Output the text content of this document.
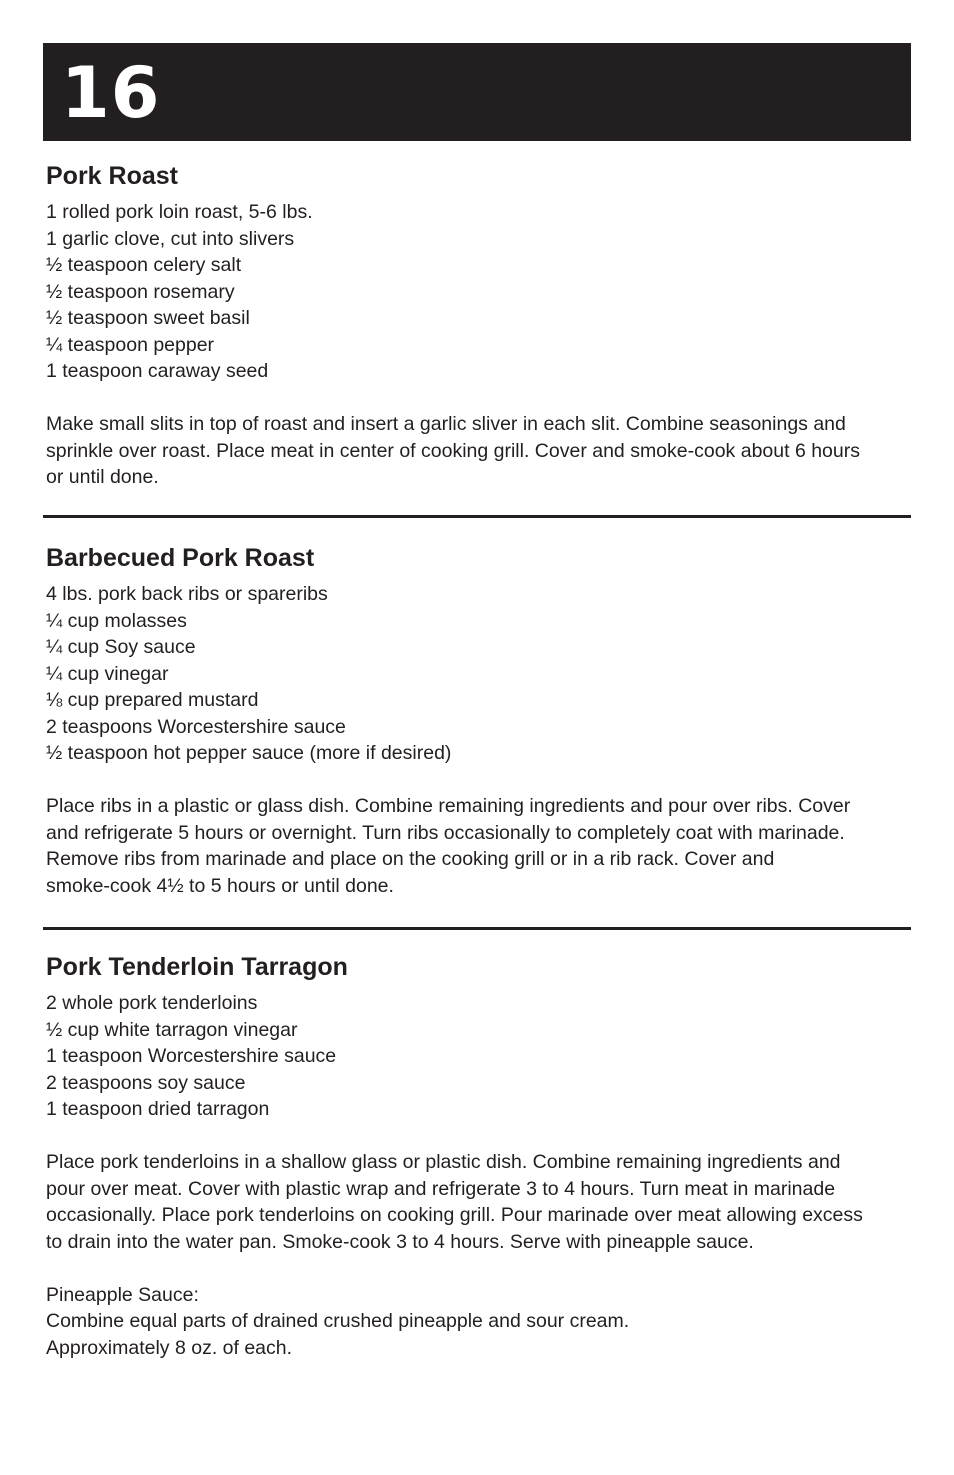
16
Pork Roast
1 rolled pork loin roast, 5-6 lbs.
1 garlic clove, cut into slivers
½ teaspoon celery salt
½ teaspoon rosemary
½ teaspoon sweet basil
¼ teaspoon pepper
1 teaspoon caraway seed
Make small slits in top of roast and insert a garlic sliver in each slit. Combine seasonings and
sprinkle over roast. Place meat in center of cooking grill. Cover and smoke-cook about 6 hours
or until done.
Barbecued Pork Roast
4 lbs. pork back ribs or spareribs
¼ cup molasses
¼ cup Soy sauce
¼ cup vinegar
⅛ cup prepared mustard
2 teaspoons Worcestershire sauce
½ teaspoon hot pepper sauce (more if desired)
Place ribs in a plastic or glass dish. Combine remaining ingredients and pour over ribs. Cover
and refrigerate 5 hours or overnight. Turn ribs occasionally to completely coat with marinade.
Remove ribs from marinade and place on the cooking grill or in a rib rack. Cover and
smoke-cook 4½ to 5 hours or until done.
Pork Tenderloin Tarragon
2 whole pork tenderloins
½ cup white tarragon vinegar
1 teaspoon Worcestershire sauce
2 teaspoons soy sauce
1 teaspoon dried tarragon
Place pork tenderloins in a shallow glass or plastic dish. Combine remaining ingredients and
pour over meat. Cover with plastic wrap and refrigerate 3 to 4 hours. Turn meat in marinade
occasionally. Place pork tenderloins on cooking grill. Pour marinade over meat allowing excess
to drain into the water pan. Smoke-cook 3 to 4 hours. Serve with pineapple sauce.
Pineapple Sauce:
Combine equal parts of drained crushed pineapple and sour cream.
Approximately 8 oz. of each.
